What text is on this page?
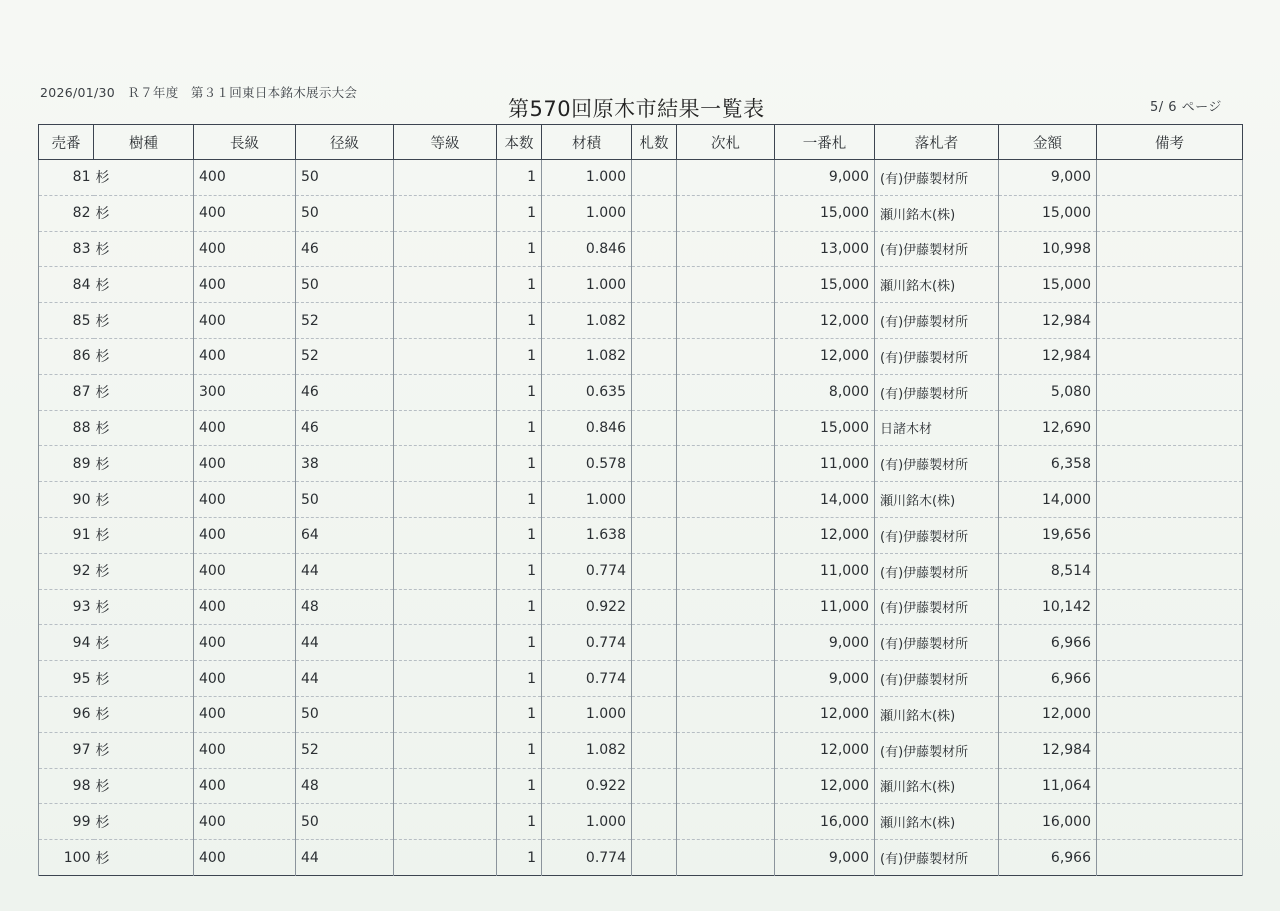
2026/01/30 Ｒ７年度 第３１回東日本銘木展示大会
第570回原木市結果一覧表	5/ 6 ページ
売番	樹種	長級	径級	等級	本数	材積	札数	次札	一番札	落札者	金額	備考
81	杉	400	50		1	1.000			9,000	(有)伊藤製材所	9,000	
82	杉	400	50		1	1.000			15,000	瀬川銘木(株)	15,000	
83	杉	400	46		1	0.846			13,000	(有)伊藤製材所	10,998	
84	杉	400	50		1	1.000			15,000	瀬川銘木(株)	15,000	
85	杉	400	52		1	1.082			12,000	(有)伊藤製材所	12,984	
86	杉	400	52		1	1.082			12,000	(有)伊藤製材所	12,984	
87	杉	300	46		1	0.635			8,000	(有)伊藤製材所	5,080	
88	杉	400	46		1	0.846			15,000	日諸木材	12,690	
89	杉	400	38		1	0.578			11,000	(有)伊藤製材所	6,358	
90	杉	400	50		1	1.000			14,000	瀬川銘木(株)	14,000	
91	杉	400	64		1	1.638			12,000	(有)伊藤製材所	19,656	
92	杉	400	44		1	0.774			11,000	(有)伊藤製材所	8,514	
93	杉	400	48		1	0.922			11,000	(有)伊藤製材所	10,142	
94	杉	400	44		1	0.774			9,000	(有)伊藤製材所	6,966	
95	杉	400	44		1	0.774			9,000	(有)伊藤製材所	6,966	
96	杉	400	50		1	1.000			12,000	瀬川銘木(株)	12,000	
97	杉	400	52		1	1.082			12,000	(有)伊藤製材所	12,984	
98	杉	400	48		1	0.922			12,000	瀬川銘木(株)	11,064	
99	杉	400	50		1	1.000			16,000	瀬川銘木(株)	16,000	
100	杉	400	44		1	0.774			9,000	(有)伊藤製材所	6,966	
